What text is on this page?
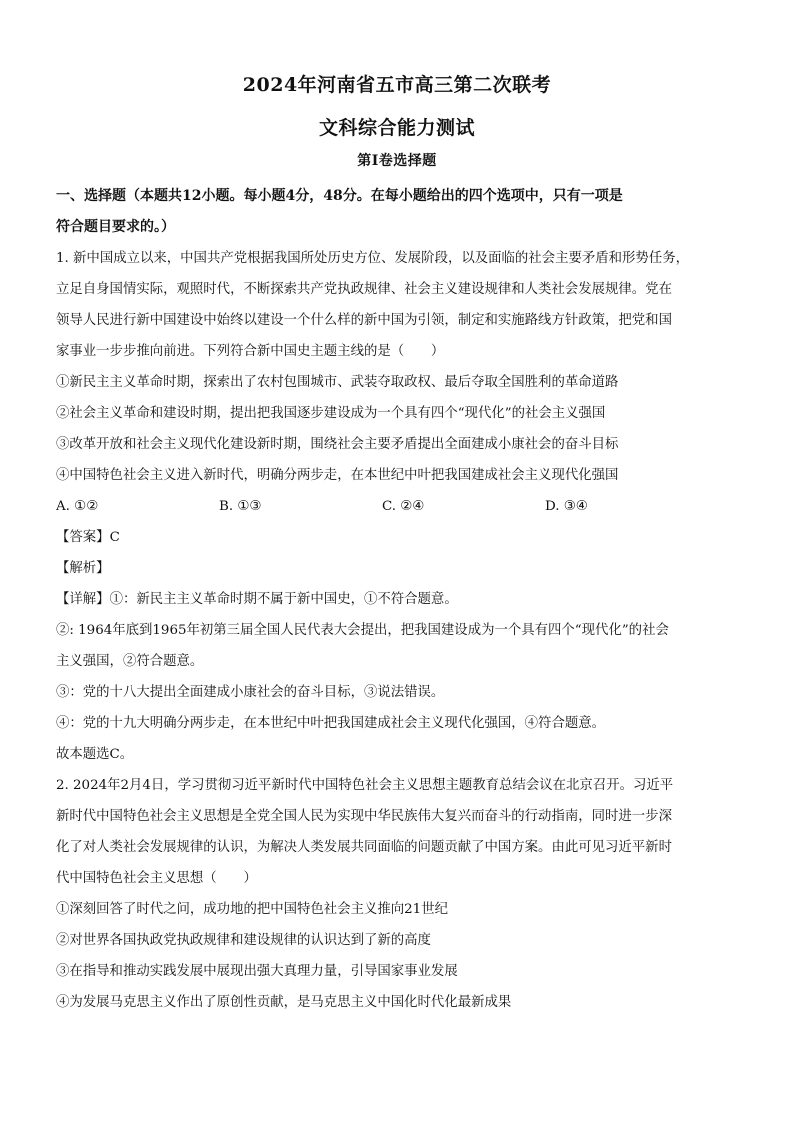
2024年河南省五市高三第二次联考
文科综合能力测试
第Ⅰ卷选择题
一、选择题（本题共12小题。每小题4分，48分。在每小题给出的四个选项中，只有一项是
符合题目要求的。）
1. 新中国成立以来，中国共产党根据我国所处历史方位、发展阶段，以及面临的社会主要矛盾和形势任务，
立足自身国情实际，观照时代，不断探索共产党执政规律、社会主义建设规律和人类社会发展规律。党在
领导人民进行新中国建设中始终以建设一个什么样的新中国为引领，制定和实施路线方针政策，把党和国
家事业一步步推向前进。下列符合新中国史主题主线的是（　　）
①新民主主义革命时期，探索出了农村包围城市、武装夺取政权、最后夺取全国胜利的革命道路
②社会主义革命和建设时期，提出把我国逐步建设成为一个具有四个“现代化”的社会主义强国
③改革开放和社会主义现代化建设新时期，围绕社会主要矛盾提出全面建成小康社会的奋斗目标
④中国特色社会主义进入新时代，明确分两步走，在本世纪中叶把我国建成社会主义现代化强国
A. ①②	B. ①③	C. ②④	D. ③④
【答案】C
【解析】
【详解】①：新民主主义革命时期不属于新中国史，①不符合题意。
②: 1964年底到1965年初第三届全国人民代表大会提出，把我国建设成为一个具有四个“现代化”的社会
主义强国，②符合题意。
③：党的十八大提出全面建成小康社会的奋斗目标，③说法错误。
④：党的十九大明确分两步走，在本世纪中叶把我国建成社会主义现代化强国，④符合题意。
故本题选C。
2. 2024年2月4日，学习贯彻习近平新时代中国特色社会主义思想主题教育总结会议在北京召开。习近平
新时代中国特色社会主义思想是全党全国人民为实现中华民族伟大复兴而奋斗的行动指南，同时进一步深
化了对人类社会发展规律的认识，为解决人类发展共同面临的问题贡献了中国方案。由此可见习近平新时
代中国特色社会主义思想（　　）
①深刻回答了时代之问，成功地的把中国特色社会主义推向21世纪
②对世界各国执政党执政规律和建设规律的认识达到了新的高度
③在指导和推动实践发展中展现出强大真理力量，引导国家事业发展
④为发展马克思主义作出了原创性贡献，是马克思主义中国化时代化最新成果
